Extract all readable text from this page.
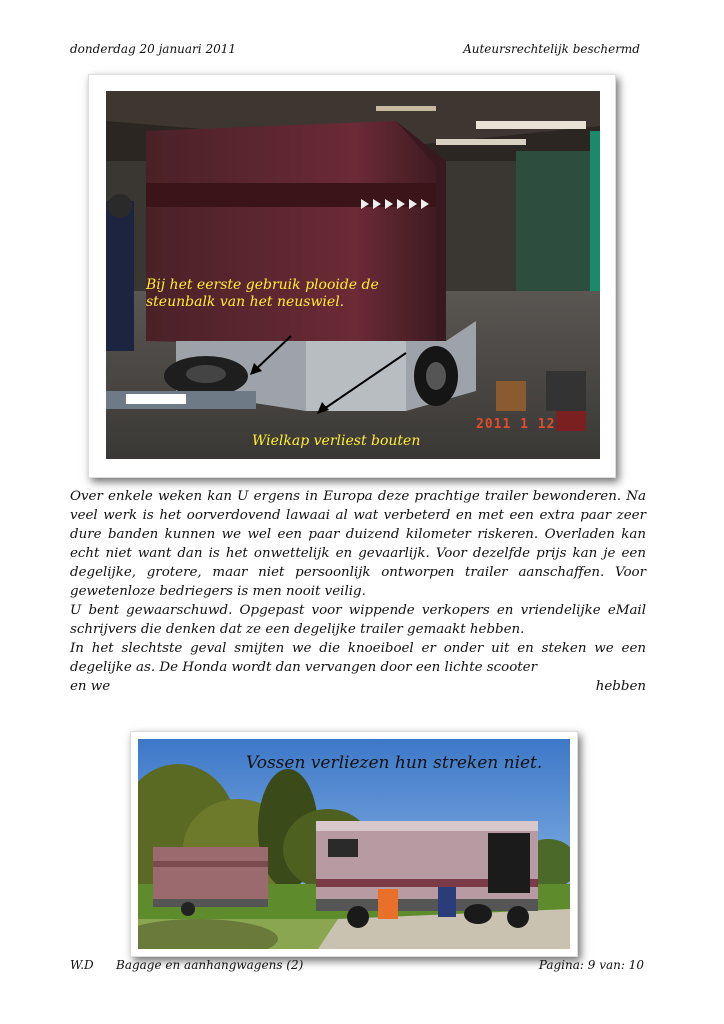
donderdag 20 januari 2011	Auteursrechtelijk beschermd
Bij het eerste gebruik plooide de
steunbalk van het neuswiel.
Wielkap verliest bouten
2011 1 12

Over enkele weken kan U ergens in Europa deze prachtige trailer bewonderen. Na veel werk is het oorverdovend lawaai al wat verbeterd en met een extra paar zeer dure banden kunnen we wel een paar duizend kilometer riskeren. Overladen kan echt niet want dan is het onwettelijk en gevaarlijk. Voor dezelfde prijs kan je een degelijke, grotere, maar niet persoonlijk ontworpen trailer aanschaffen. Voor gewetenloze bedriegers is men nooit veilig.

U bent gewaarschuwd. Opgepast voor wippende verkopers en vriendelijke eMail schrijvers die denken dat ze een degelijke trailer gemaakt hebben.

In het slechtste geval smijten we die knoeiboel er onder uit en steken we een degelijke as. De Honda wordt dan vervangen door een lichte scooter

en we	hebben
Vossen verliezen hun streken niet.
W.D Bagage en aanhangwagens (2)	Pagina: 9 van: 10
